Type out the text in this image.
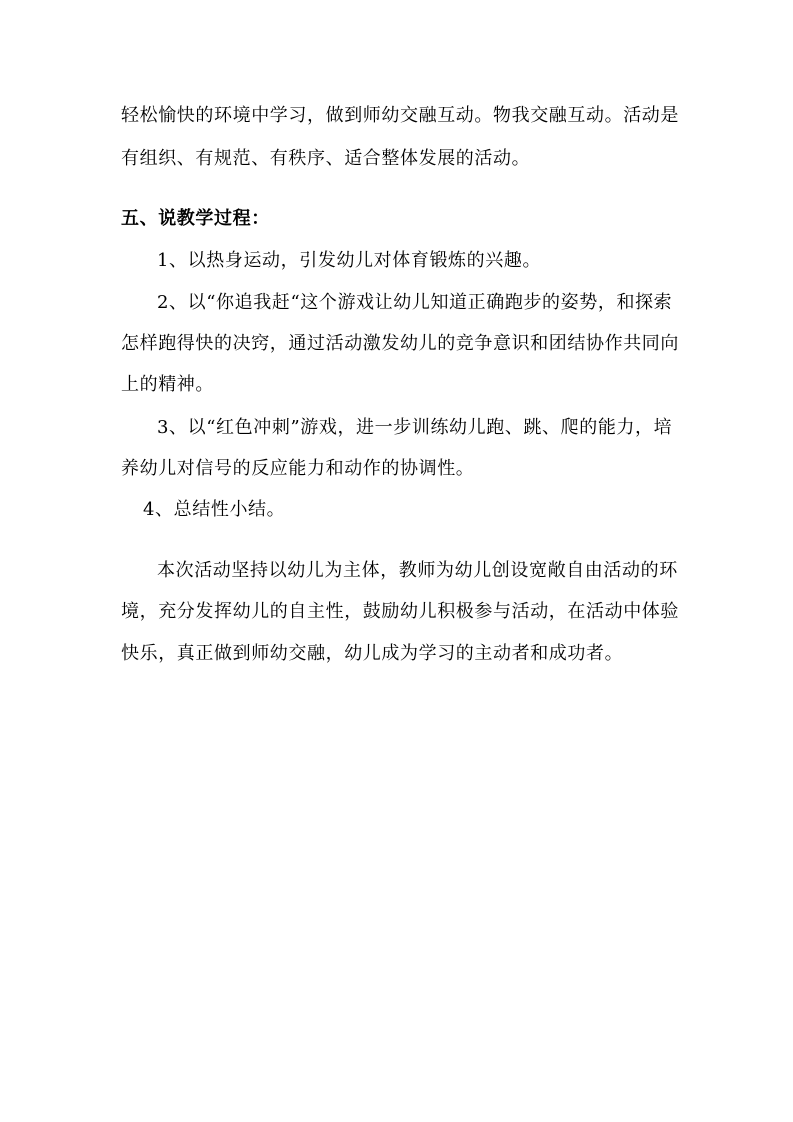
轻松愉快的环境中学习，做到师幼交融互动。物我交融互动。活动是
有组织、有规范、有秩序、适合整体发展的活动。
五、说教学过程：
1、以热身运动，引发幼儿对体育锻炼的兴趣。
2、以“你追我赶“这个游戏让幼儿知道正确跑步的姿势，和探索
怎样跑得快的决窍，通过活动激发幼儿的竞争意识和团结协作共同向
上的精神。
3、以“红色冲刺”游戏，进一步训练幼儿跑、跳、爬的能力，培
养幼儿对信号的反应能力和动作的协调性。
4、总结性小结。
本次活动坚持以幼儿为主体，教师为幼儿创设宽敞自由活动的环
境，充分发挥幼儿的自主性，鼓励幼儿积极参与活动，在活动中体验
快乐，真正做到师幼交融，幼儿成为学习的主动者和成功者。
